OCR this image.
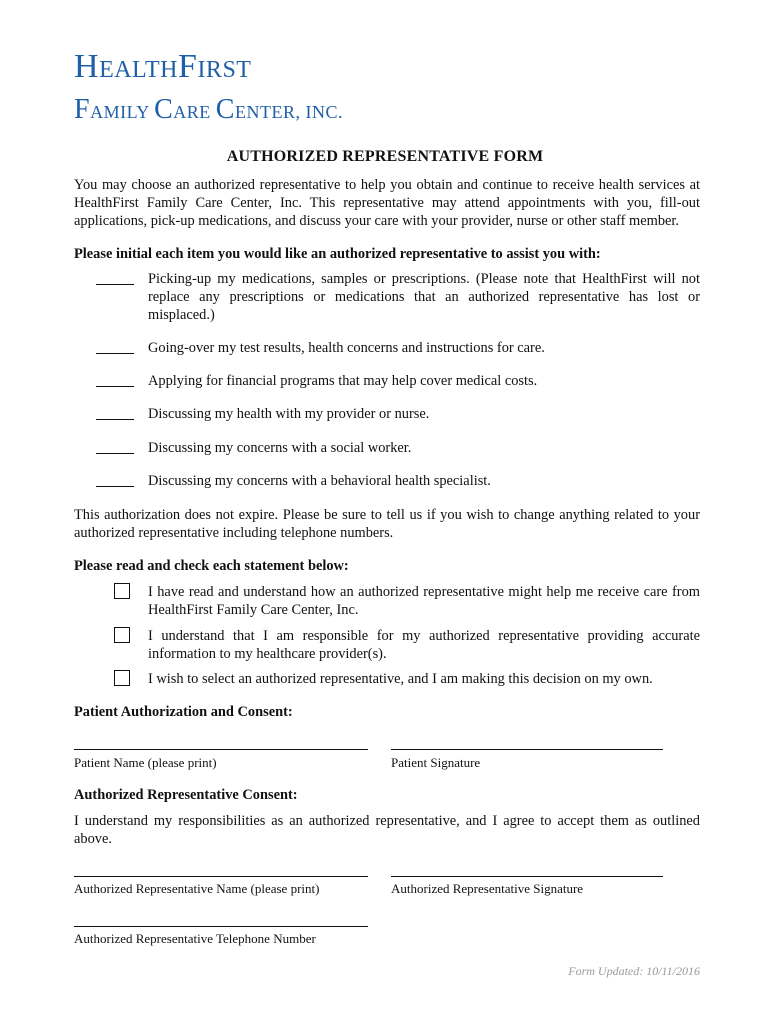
HEALTHFIRST
FAMILY CARE CENTER, INC.
AUTHORIZED REPRESENTATIVE FORM
You may choose an authorized representative to help you obtain and continue to receive health services at HealthFirst Family Care Center, Inc. This representative may attend appointments with you, fill-out applications, pick-up medications, and discuss your care with your provider, nurse or other staff member.
Please initial each item you would like an authorized representative to assist you with:
Picking-up my medications, samples or prescriptions. (Please note that HealthFirst will not replace any prescriptions or medications that an authorized representative has lost or misplaced.)
Going-over my test results, health concerns and instructions for care.
Applying for financial programs that may help cover medical costs.
Discussing my health with my provider or nurse.
Discussing my concerns with a social worker.
Discussing my concerns with a behavioral health specialist.
This authorization does not expire. Please be sure to tell us if you wish to change anything related to your authorized representative including telephone numbers.
Please read and check each statement below:
I have read and understand how an authorized representative might help me receive care from HealthFirst Family Care Center, Inc.
I understand that I am responsible for my authorized representative providing accurate information to my healthcare provider(s).
I wish to select an authorized representative, and I am making this decision on my own.
Patient Authorization and Consent:
Patient Name (please print)	Patient Signature
Authorized Representative Consent:
I understand my responsibilities as an authorized representative, and I agree to accept them as outlined above.
Authorized Representative Name (please print)	Authorized Representative Signature
Authorized Representative Telephone Number
Form Updated: 10/11/2016
